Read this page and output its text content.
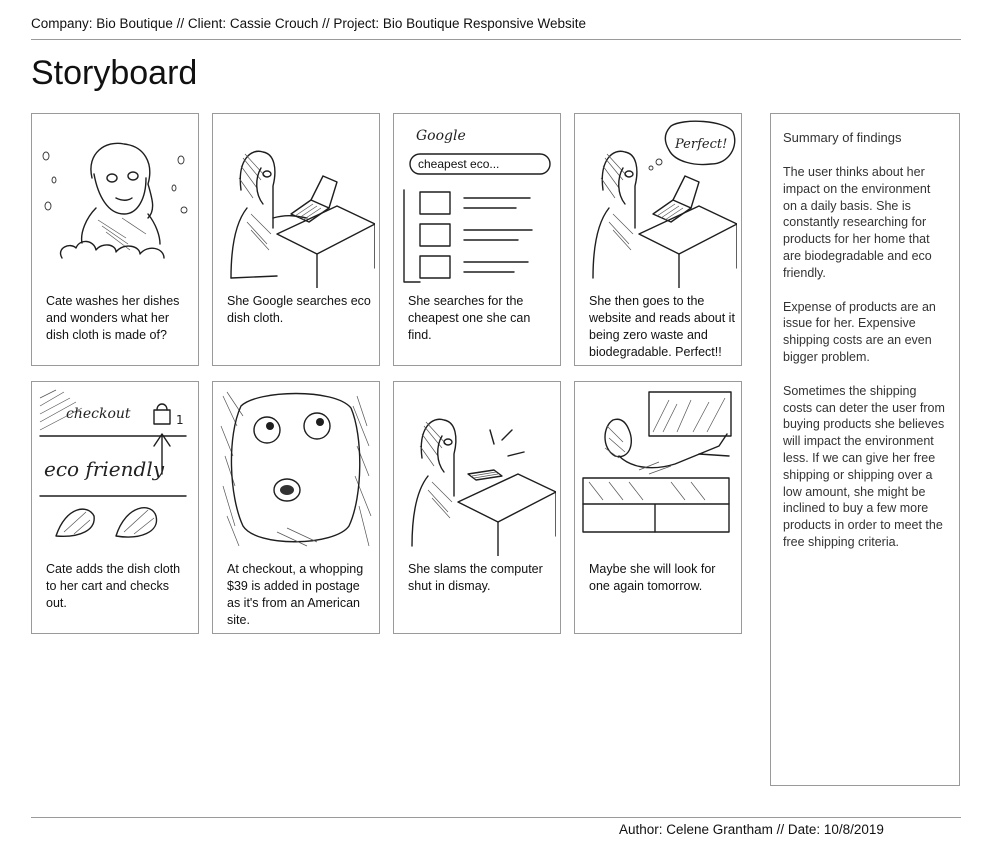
Company: Bio Boutique // Client: Cassie Crouch // Project: Bio Boutique Responsive Website
Storyboard
Cate washes her dishes and wonders what her dish cloth is made of?
She Google searches eco dish cloth.
Google
cheapest eco...
She searches for the cheapest one she can find.
Perfect!
She then goes to the website and reads about it being zero waste and biodegradable. Perfect!!
checkout	1
eco friendly
Cate adds the dish cloth to her cart and checks out.
At checkout, a whopping $39 is added in postage as it's from an American site.
She slams the computer shut in dismay.
Maybe she will look for one again tomorrow.
Summary of findings

The user thinks about her impact on the environment on a daily basis. She is constantly researching for products for her home that are biodegradable and eco friendly.

Expense of products are an issue for her. Expensive shipping costs are an even bigger problem.

Sometimes the shipping costs can deter the user from buying products she believes will impact the environment less. If we can give her free shipping or shipping over a low amount, she might be inclined to buy a few more products in order to meet the free shipping criteria.

Author: Celene Grantham // Date: 10/8/2019
